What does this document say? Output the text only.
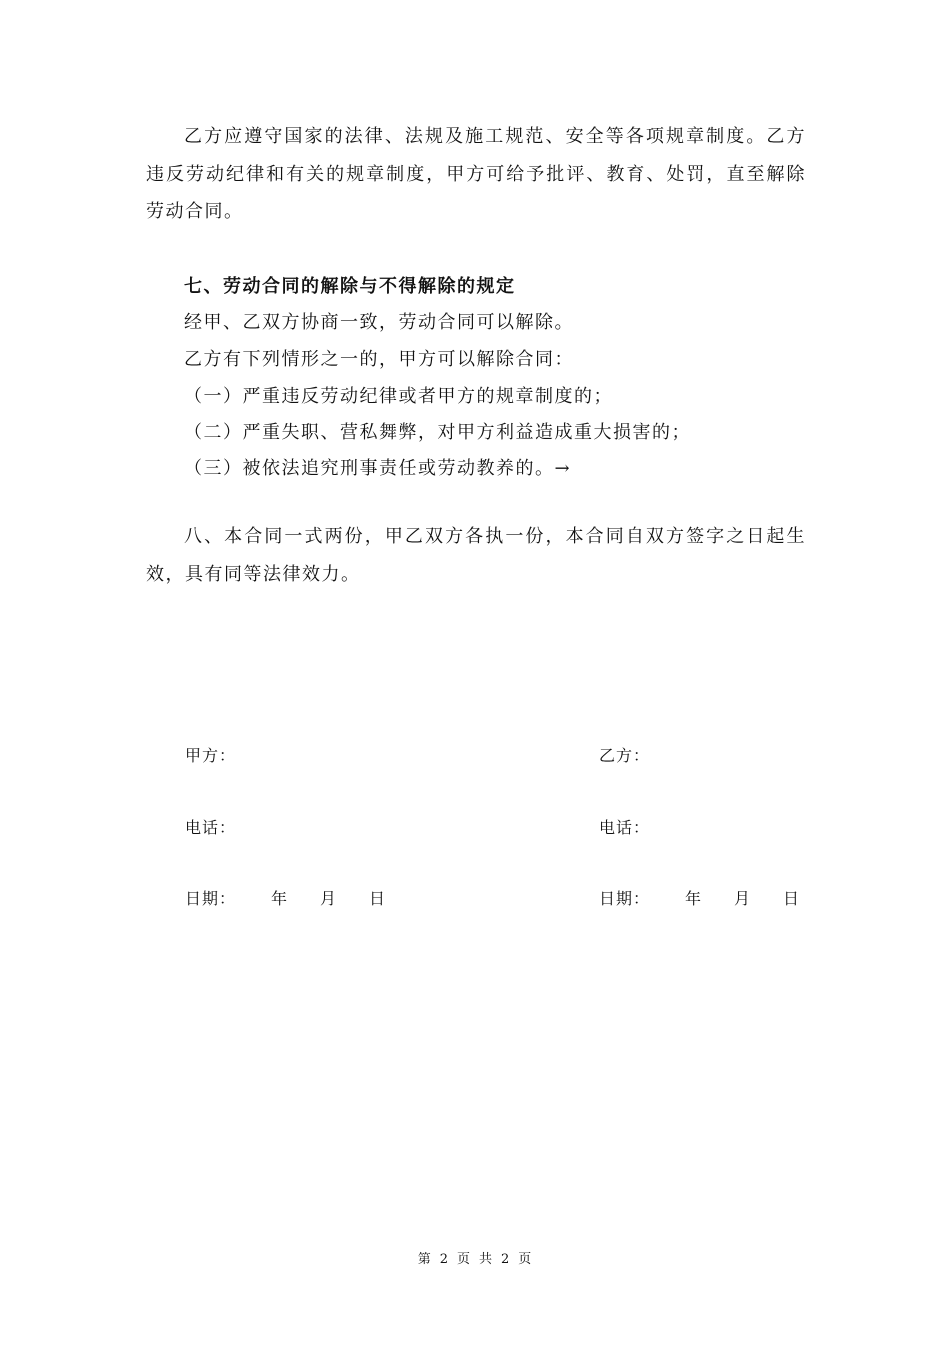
乙方应遵守国家的法律、法规及施工规范、安全等各项规章制度。乙方违反劳动纪律和有关的规章制度，甲方可给予批评、教育、处罚，直至解除劳动合同。

七、劳动合同的解除与不得解除的规定

经甲、乙双方协商一致，劳动合同可以解除。

乙方有下列情形之一的，甲方可以解除合同：

（一）严重违反劳动纪律或者甲方的规章制度的；

（二）严重失职、营私舞弊，对甲方利益造成重大损害的；

（三）被依法追究刑事责任或劳动教养的。→

八、本合同一式两份，甲乙双方各执一份，本合同自双方签字之日起生效，具有同等法律效力。

甲方：	乙方：
电话：	电话：
日期： 年 月 日	日期： 年 月 日
第 2 页 共 2 页
